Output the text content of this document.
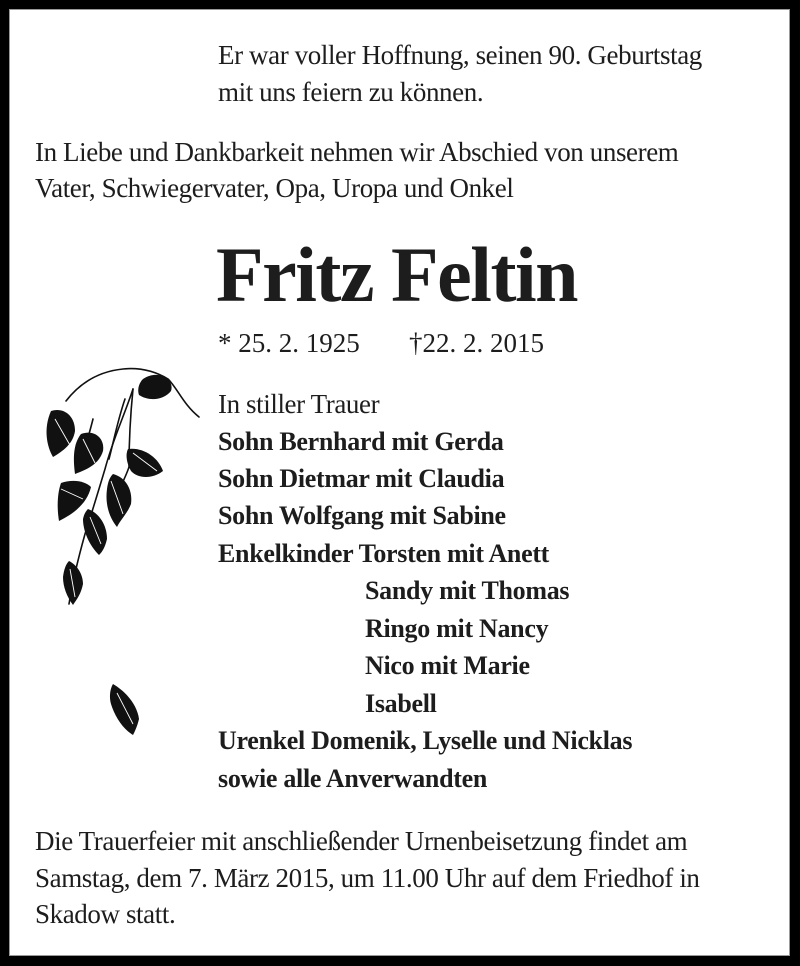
Er war voller Hoffnung, seinen 90. Geburtstag
mit uns feiern zu können.
In Liebe und Dankbarkeit nehmen wir Abschied von unserem
Vater, Schwiegervater, Opa, Uropa und Onkel
Fritz Feltin
* 25. 2. 1925 †22. 2. 2015
In stiller Trauer
Sohn Bernhard mit Gerda
Sohn Dietmar mit Claudia
Sohn Wolfgang mit Sabine
Enkelkinder Torsten mit Anett
Sandy mit Thomas
Ringo mit Nancy
Nico mit Marie
Isabell
Urenkel Domenik, Lyselle und Nicklas
sowie alle Anverwandten
Die Trauerfeier mit anschließender Urnenbeisetzung findet am
Samstag, dem 7. März 2015, um 11.00 Uhr auf dem Friedhof in
Skadow statt.
